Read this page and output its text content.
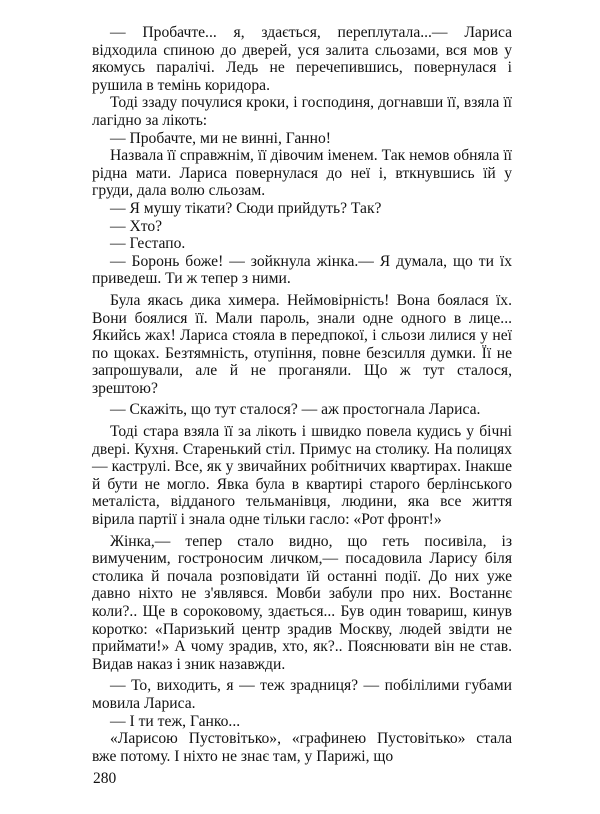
— Пробачте... я, здається, переплутала...— Лариса відходила спиною до дверей, уся залита сльозами, вся мов у якомусь паралічі. Ледь не перечепившись, повернулася і рушила в темінь коридора.

Тоді ззаду почулися кроки, і господиня, догнавши її, взяла її лагідно за лікоть:

— Пробачте, ми не винні, Ганно!

Назвала її справжнім, її дівочим іменем. Так немов обняла її рідна мати. Лариса повернулася до неї і, вткнувшись їй у груди, дала волю сльозам.

— Я мушу тікати? Сюди прийдуть? Так?

— Хто?

— Гестапо.

— Боронь боже! — зойкнула жінка.— Я думала, що ти їх приведеш. Ти ж тепер з ними.

Була якась дика химера. Неймовірність! Вона боялася їх. Вони боялися її. Мали пароль, знали одне одного в лице... Якийсь жах! Лариса стояла в передпокої, і сльози лилися у неї по щоках. Безтямність, отупіння, повне безсилля думки. Її не запрошували, але й не проганяли. Що ж тут сталося, зрештою?

— Скажіть, що тут сталося? — аж простогнала Лариса.

Тоді стара взяла її за лікоть і швидко повела кудись у бічні двері. Кухня. Старенький стіл. Примус на столику. На полицях — каструлі. Все, як у звичайних робітничих квартирах. Інакше й бути не могло. Явка була в квартирі старого берлінського металіста, відданого тельманівця, людини, яка все життя вірила партії і знала одне тільки гасло: «Рот фронт!»

Жінка,— тепер стало видно, що геть посивіла, із вимученим, гостроносим личком,— посадовила Ларису біля столика й почала розповідати їй останні події. До них уже давно ніхто не з'являвся. Мовби забули про них. Востаннє коли?.. Ще в сороковому, здається... Був один товариш, кинув коротко: «Паризький центр зрадив Москву, людей звідти не приймати!» А чому зрадив, хто, як?.. Пояснювати він не став. Видав наказ і зник назавжди.

— То, виходить, я — теж зрадниця? — побілілими губами мовила Лариса.

— І ти теж, Ганко...

«Ларисою Пустовітько», «графинею Пустовітько» стала вже потому. І ніхто не знає там, у Парижі, що

280
